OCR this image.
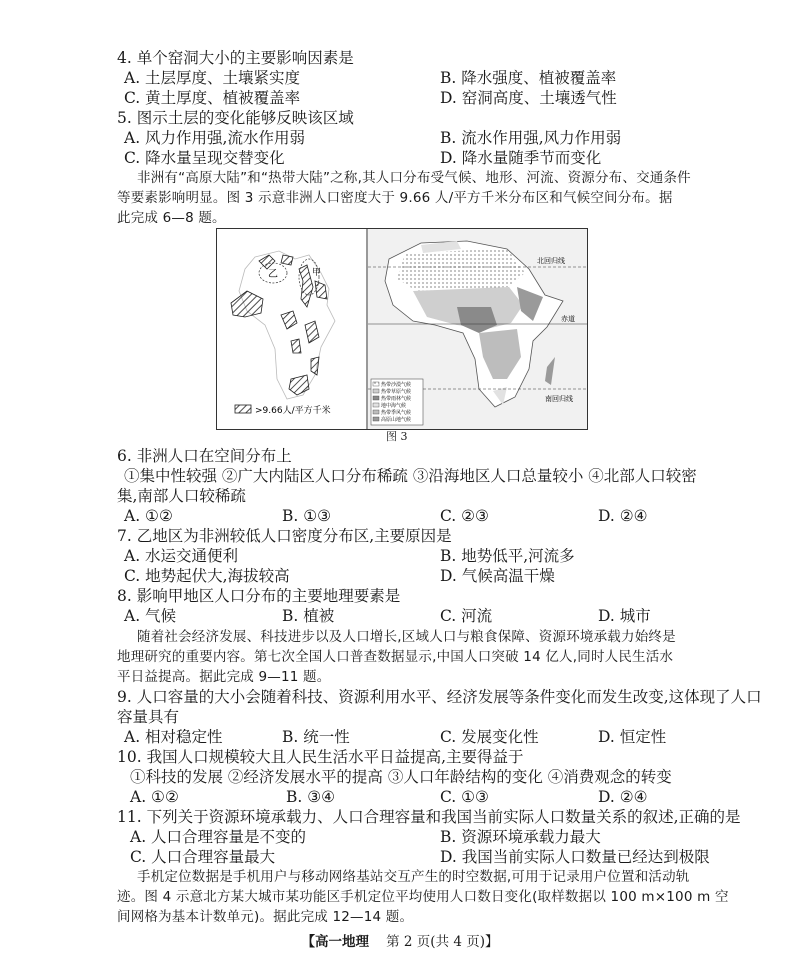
4. 单个窑洞大小的主要影响因素是
A. 土层厚度、土壤紧实度	B. 降水强度、植被覆盖率
C. 黄土厚度、植被覆盖率	D. 窑洞高度、土壤透气性
5. 图示土层的变化能够反映该区域
A. 风力作用强,流水作用弱	B. 流水作用强,风力作用弱
C. 降水量呈现交替变化	D. 降水量随季节而变化
非洲有“高原大陆”和“热带大陆”之称,其人口分布受气候、地形、河流、资源分布、交通条件
等要素影响明显。图 3 示意非洲人口密度大于 9.66 人/平方千米分布区和气候空间分布。据
此完成 6—8 题。
乙	甲
>9.66人/平方千米
北回归线
赤道
南回归线
热带沙漠气候
热带草原气候
热带雨林气候
地中海气候
热带季风气候
高原山地气候
图 3
6. 非洲人口在空间分布上
①集中性较强 ②广大内陆区人口分布稀疏 ③沿海地区人口总量较小 ④北部人口较密
集,南部人口较稀疏
A. ①②	B. ①③	C. ②③	D. ②④
7. 乙地区为非洲较低人口密度分布区,主要原因是
A. 水运交通便利	B. 地势低平,河流多
C. 地势起伏大,海拔较高	D. 气候高温干燥
8. 影响甲地区人口分布的主要地理要素是
A. 气候	B. 植被	C. 河流	D. 城市
随着社会经济发展、科技进步以及人口增长,区域人口与粮食保障、资源环境承载力始终是
地理研究的重要内容。第七次全国人口普查数据显示,中国人口突破 14 亿人,同时人民生活水
平日益提高。据此完成 9—11 题。
9. 人口容量的大小会随着科技、资源利用水平、经济发展等条件变化而发生改变,这体现了人口
容量具有
A. 相对稳定性	B. 统一性	C. 发展变化性	D. 恒定性
10. 我国人口规模较大且人民生活水平日益提高,主要得益于
①科技的发展 ②经济发展水平的提高 ③人口年龄结构的变化 ④消费观念的转变
A. ①②	B. ③④	C. ①③	D. ②④
11. 下列关于资源环境承载力、人口合理容量和我国当前实际人口数量关系的叙述,正确的是
A. 人口合理容量是不变的	B. 资源环境承载力最大
C. 人口合理容量最大	D. 我国当前实际人口数量已经达到极限
手机定位数据是手机用户与移动网络基站交互产生的时空数据,可用于记录用户位置和活动轨
迹。图 4 示意北方某大城市某功能区手机定位平均使用人口数日变化(取样数据以 100 m×100 m 空
间网格为基本计数单元)。据此完成 12—14 题。
【高一地理 第 2 页(共 4 页)】
